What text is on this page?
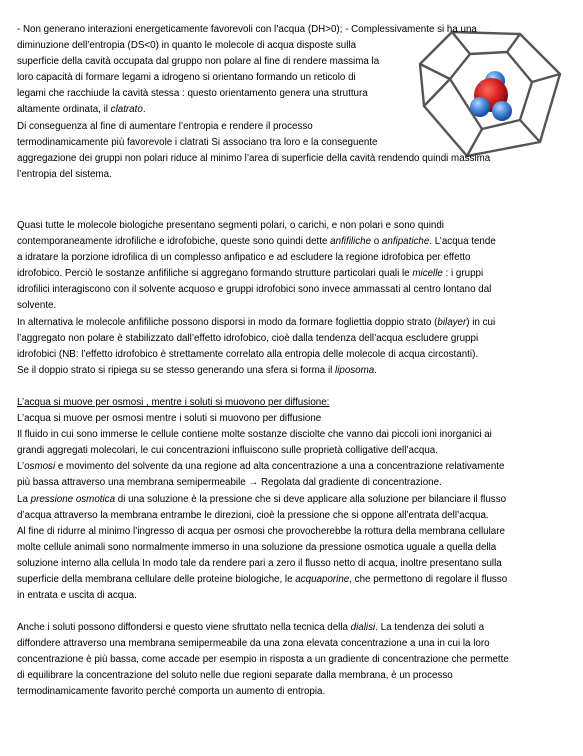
- Non generano interazioni energeticamente favorevoli con l’acqua (DH>0); - Complessivamente si ha una
diminuzione dell’entropia (DS<0) in quanto le molecole di acqua disposte sulla
superficie della cavità occupata dal gruppo non polare al fine di rendere massima la
loro capacità di formare legami a idrogeno si orientano formando un reticolo di
legami che racchiude la cavità stessa : questo orientamento genera una struttura
altamente ordinata, il clatrato.
Di conseguenza al fine di aumentare l’entropia e rendere il processo
termodinamicamente più favorevole i clatrati Si associano tra loro e la conseguente
aggregazione dei gruppi non polari riduce al minimo l’area di superficie della cavità rendendo quindi massima
l’entropia del sistema.
Quasi tutte le molecole biologiche presentano segmenti polari, o carichi, e non polari e sono quindi
contemporaneamente idrofiliche e idrofobiche, queste sono quindi dette anfifiliche o anfipatiche. L’acqua tende
a idratare la porzione idrofilica di un complesso anfipatico e ad escludere la regione idrofobica per effetto
idrofobico. Perciò le sostanze anfifiliche si aggregano formando strutture particolari quali le micelle : i gruppi
idrofilici interagiscono con il solvente acquoso e gruppi idrofobici sono invece ammassati al centro lontano dal
solvente.
In alternativa le molecole anfifiliche possono disporsi in modo da formare fogliettia doppio strato (bilayer) in cui
l’aggregato non polare è stabilizzato dall’effetto idrofobico, cioè dalla tendenza dell’acqua escludere gruppi
idrofobici (NB: l’effetto idrofobico è strettamente correlato alla entropia delle molecole di acqua circostanti).
Se il doppio strato si ripiega su se stesso generando una sfera si forma il liposoma.
L’acqua si muove per osmosi , mentre i soluti si muovono per diffusione:
L’acqua si muove per osmosi mentre i soluti si muovono per diffusione
Il fluido in cui sono immerse le cellule contiene molte sostanze disciolte che vanno dai piccoli ioni inorganici ai
grandi aggregati molecolari, le cui concentrazioni influiscono sulle proprietà colligative dell’acqua.
L’osmosi e movimento del solvente da una regione ad alta concentrazione a una a concentrazione relativamente
più bassa attraverso una membrana semipermeabile → Regolata dal gradiente di concentrazione.
La pressione osmotica di una soluzione è la pressione che si deve applicare alla soluzione per bilanciare il flusso
d’acqua attraverso la membrana entrambe le direzioni, cioè la pressione che si oppone all’entrata dell’acqua.
Al fine di ridurre al minimo l’ingresso di acqua per osmosi che provocherebbe la rottura della membrana cellulare
molte cellule animali sono normalmente immerso in una soluzione da pressione osmotica uguale a quella della
soluzione interno alla cellula In modo tale da rendere pari a zero il flusso netto di acqua, inoltre presentano sulla
superficie della membrana cellulare delle proteine biologiche, le acquaporine, che permettono di regolare il flusso
in entrata e uscita di acqua.
Anche i soluti possono diffondersi e questo viene sfruttato nella tecnica della dialisi. La tendenza dei soluti a
diffondere attraverso una membrana semipermeabile da una zona elevata concentrazione a una in cui la loro
concentrazione è più bassa, come accade per esempio in risposta a un gradiente di concentrazione che permette
di equilibrare la concentrazione del soluto nelle due regioni separate dalla membrana, è un processo
termodinamicamente favorito perché comporta un aumento di entropia.
